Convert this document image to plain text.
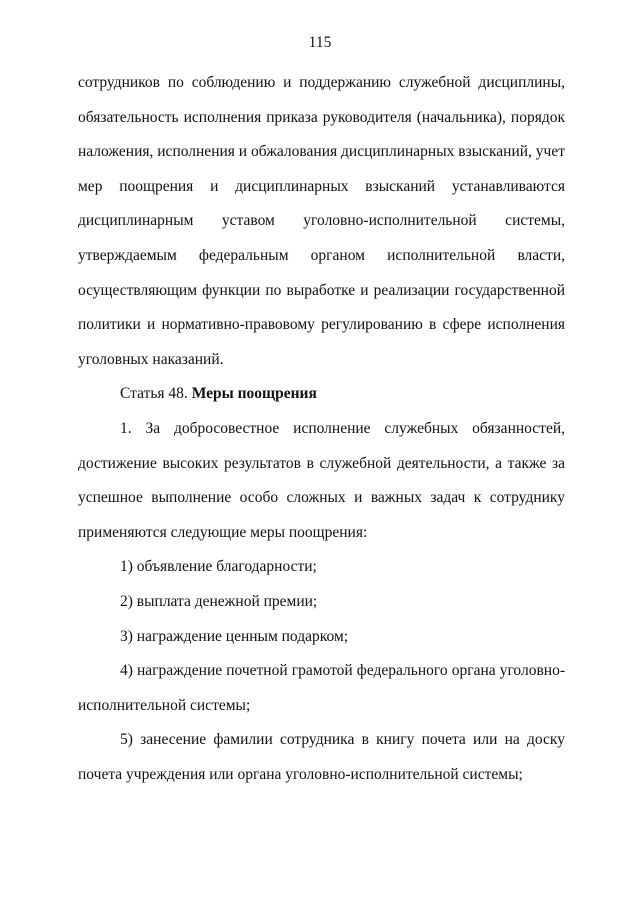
115
сотрудников по соблюдению и поддержанию служебной дисциплины,
обязательность исполнения приказа руководителя (начальника), порядок
наложения, исполнения и обжалования дисциплинарных взысканий, учет
мер поощрения и дисциплинарных взысканий устанавливаются
дисциплинарным уставом уголовно-исполнительной системы,
утверждаемым федеральным органом исполнительной власти,
осуществляющим функции по выработке и реализации государственной
политики и нормативно-правовому регулированию в сфере исполнения
уголовных наказаний.
Статья 48. Меры поощрения
1. За добросовестное исполнение служебных обязанностей,
достижение высоких результатов в служебной деятельности, а также за
успешное выполнение особо сложных и важных задач к сотруднику
применяются следующие меры поощрения:
1) объявление благодарности;
2) выплата денежной премии;
3) награждение ценным подарком;
4) награждение почетной грамотой федерального органа уголовно-
исполнительной системы;
5) занесение фамилии сотрудника в книгу почета или на доску
почета учреждения или органа уголовно-исполнительной системы;
